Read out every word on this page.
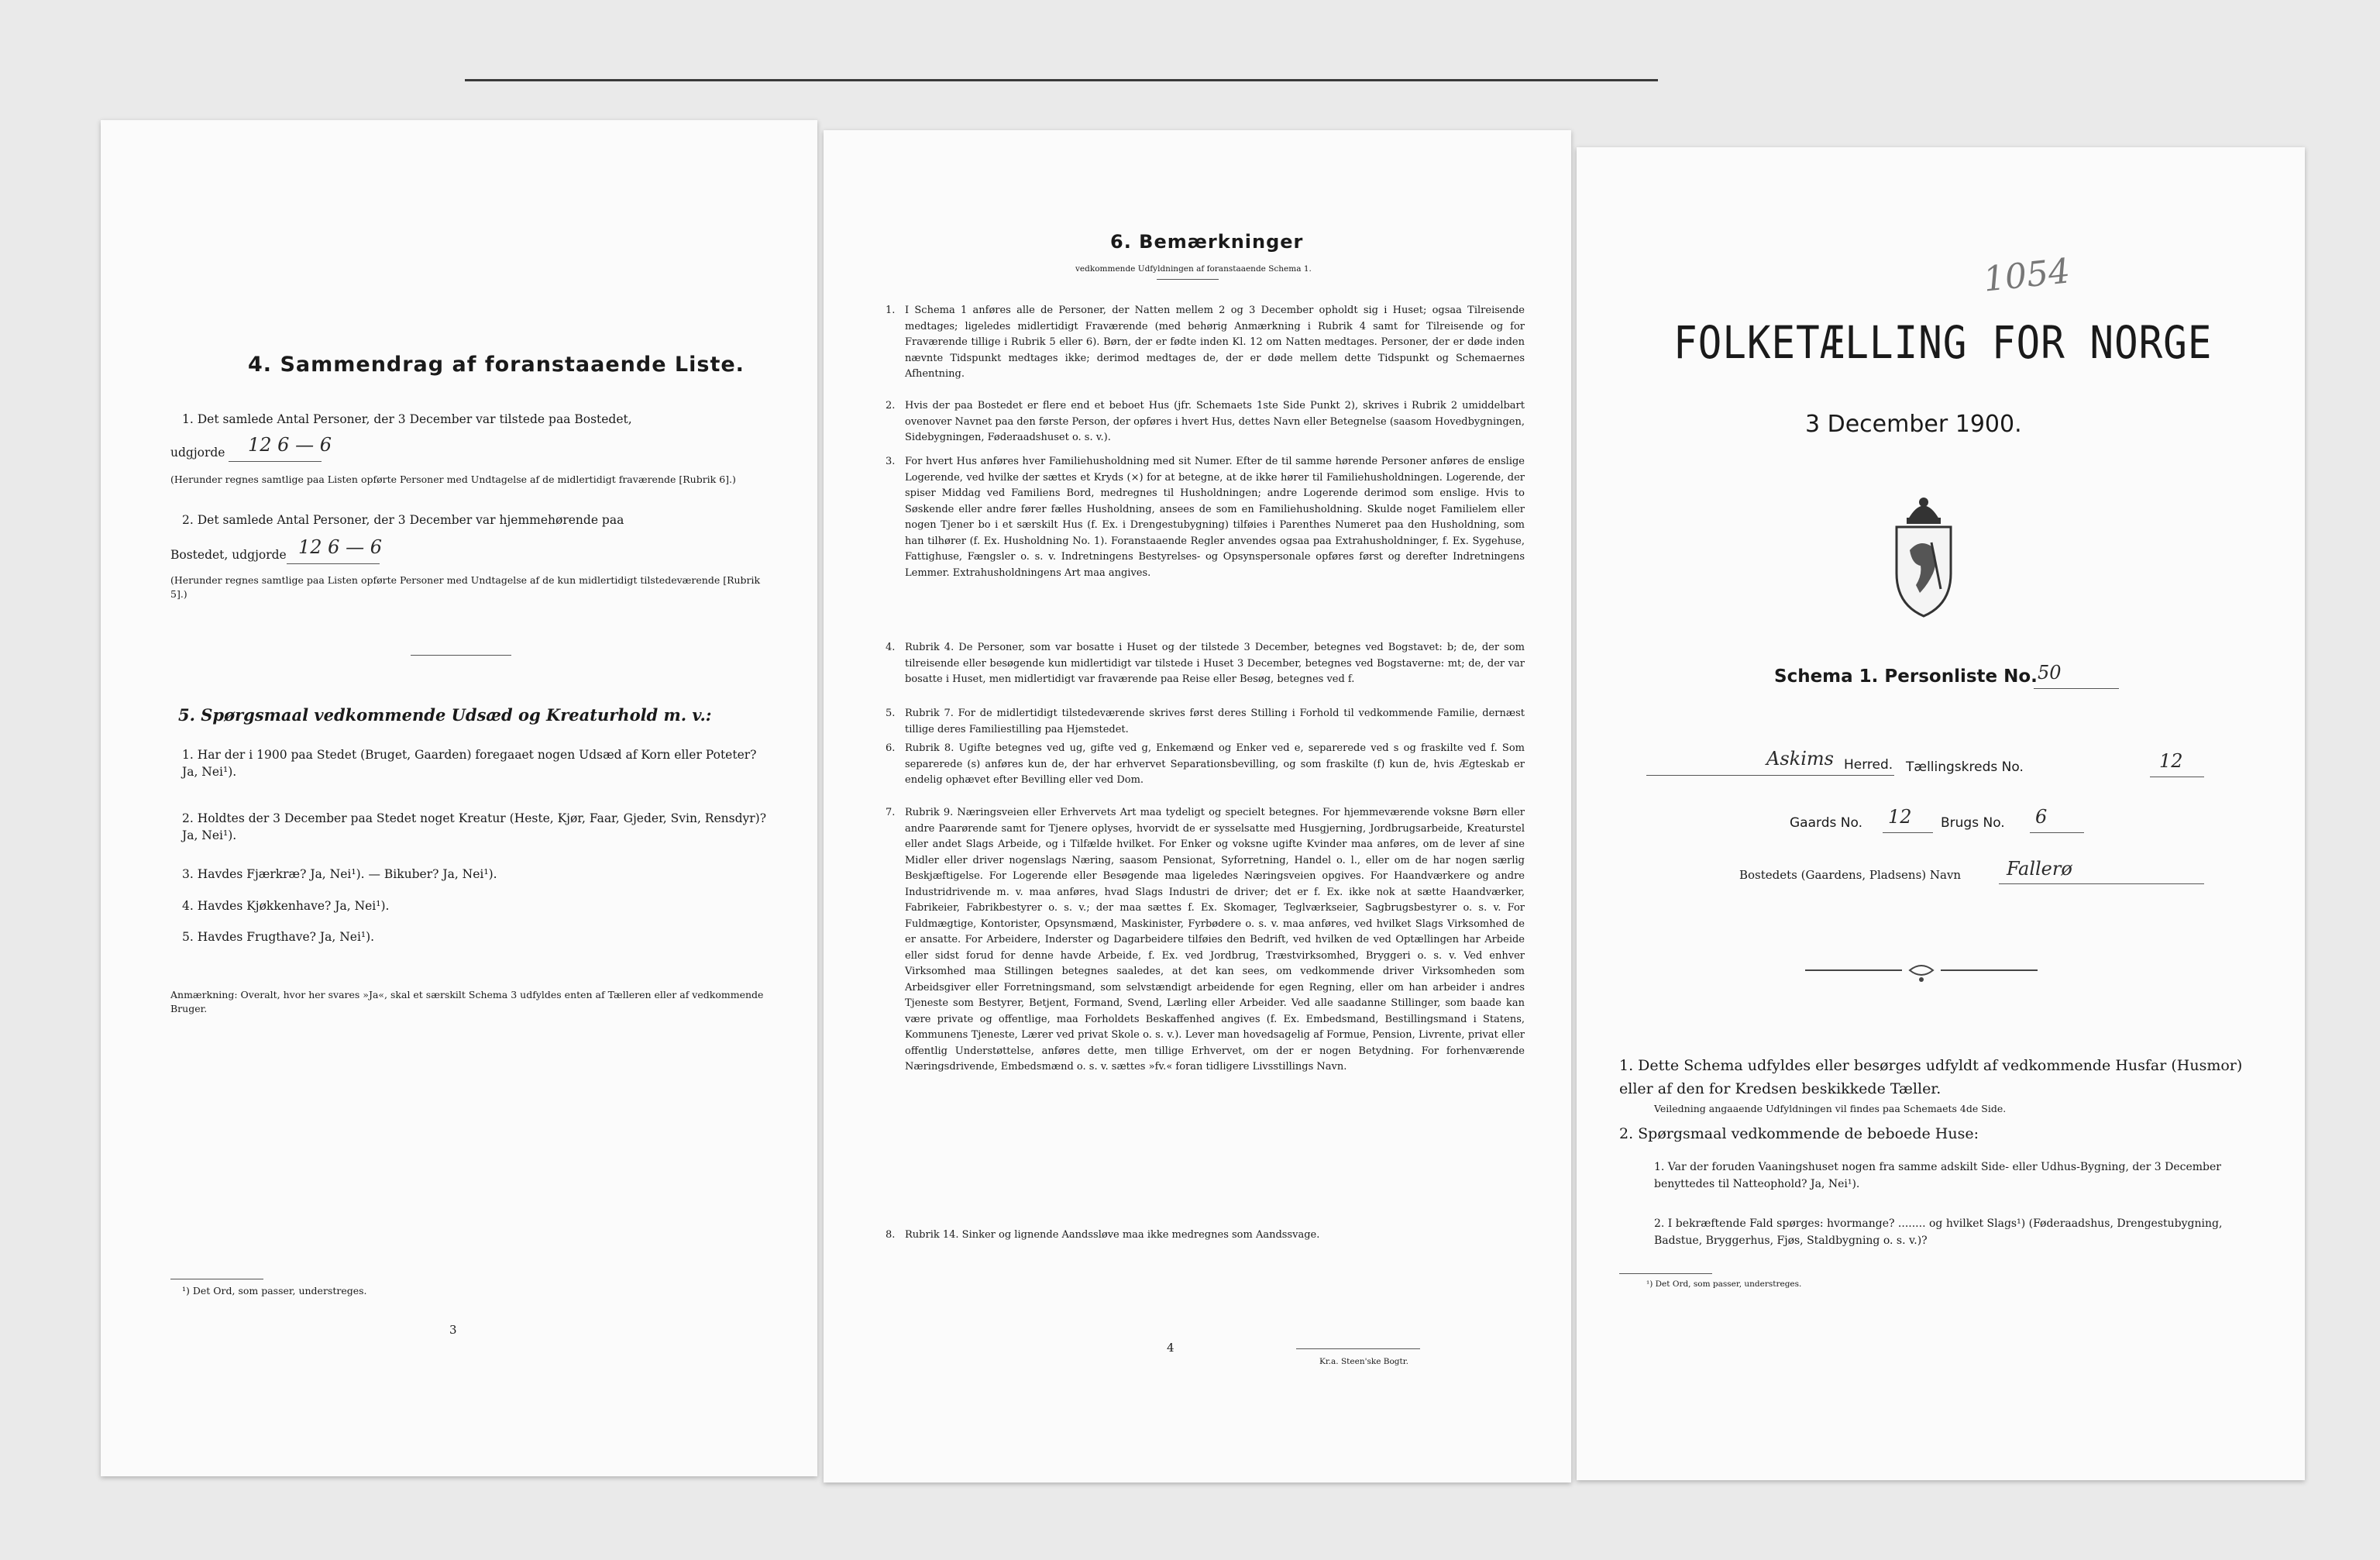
4. Sammendrag af foranstaaende Liste.
1. Det samlede Antal Personer, der 3 December var tilstede paa Bostedet,
udgjorde 12 6 — 6
(Herunder regnes samtlige paa Listen opførte Personer med Undtagelse af de midlertidigt fraværende [Rubrik 6].)
2. Det samlede Antal Personer, der 3 December var hjemmehørende paa
Bostedet, udgjorde 12 6 — 6
(Herunder regnes samtlige paa Listen opførte Personer med Undtagelse af de kun midlertidigt tilstedeværende [Rubrik 5].)
5. Spørgsmaal vedkommende Udsæd og Kreaturhold m. v.:
1. Har der i 1900 paa Stedet (Bruget, Gaarden) foregaaet nogen Udsæd af Korn eller Poteter? Ja, Nei¹).
2. Holdtes der 3 December paa Stedet noget Kreatur (Heste, Kjør, Faar, Gjeder, Svin, Rensdyr)? Ja, Nei¹).
3. Havdes Fjærkræ? Ja, Nei¹). — Bikuber? Ja, Nei¹).
4. Havdes Kjøkkenhave? Ja, Nei¹).
5. Havdes Frugthave? Ja, Nei¹).
Anmærkning: Overalt, hvor her svares »Ja«, skal et særskilt Schema 3 udfyldes enten af Tælleren eller af vedkommende Bruger.
¹) Det Ord, som passer, understreges.
3
6. Bemærkninger
vedkommende Udfyldningen af foranstaaende Schema 1.
1. I Schema 1 anføres alle de Personer, der Natten mellem 2 og 3 December opholdt sig i Huset; ogsaa Tilreisende medtages; ligeledes midlertidigt Fraværende (med behørig Anmærkning i Rubrik 4 samt for Tilreisende og for Fraværende tillige i Rubrik 5 eller 6). Børn, der er fødte inden Kl. 12 om Natten medtages. Personer, der er døde inden nævnte Tidspunkt medtages ikke; derimod medtages de, der er døde mellem dette Tidspunkt og Schemaernes Afhentning.
2. Hvis der paa Bostedet er flere end et beboet Hus (jfr. Schemaets 1ste Side Punkt 2), skrives i Rubrik 2 umiddelbart ovenover Navnet paa den første Person, der opføres i hvert Hus, dettes Navn eller Betegnelse (saasom Hovedbygningen, Sidebygningen, Føderaadshuset o. s. v.).
3. For hvert Hus anføres hver Familiehusholdning med sit Numer. Efter de til samme hørende Personer anføres de enslige Logerende, ved hvilke der sættes et Kryds (×) for at betegne, at de ikke hører til Familiehusholdningen. Logerende, der spiser Middag ved Familiens Bord, medregnes til Husholdningen; andre Logerende derimod som enslige. Hvis to Søskende eller andre fører fælles Husholdning, ansees de som en Familiehusholdning. Skulde noget Familielem eller nogen Tjener bo i et særskilt Hus (f. Ex. i Drengestubygning) tilføies i Parenthes Numeret paa den Husholdning, som han tilhører (f. Ex. Husholdning No. 1). Foranstaaende Regler anvendes ogsaa paa Extrahusholdninger, f. Ex. Sygehuse, Fattighuse, Fængsler o. s. v. Indretningens Bestyrelses- og Opsynspersonale opføres først og derefter Indretningens Lemmer. Extrahusholdningens Art maa angives.
4. Rubrik 4. De Personer, som var bosatte i Huset og der tilstede 3 December, betegnes ved Bogstavet: b; de, der som tilreisende eller besøgende kun midlertidigt var tilstede i Huset 3 December, betegnes ved Bogstaverne: mt; de, der var bosatte i Huset, men midlertidigt var fraværende paa Reise eller Besøg, betegnes ved f.
5. Rubrik 7. For de midlertidigt tilstedeværende skrives først deres Stilling i Forhold til vedkommende Familie, dernæst tillige deres Familiestilling paa Hjemstedet.
6. Rubrik 8. Ugifte betegnes ved ug, gifte ved g, Enkemænd og Enker ved e, separerede ved s og fraskilte ved f. Som separerede (s) anføres kun de, der har erhvervet Separationsbevilling, og som fraskilte (f) kun de, hvis Ægteskab er endelig ophævet efter Bevilling eller ved Dom.
7. Rubrik 9. Næringsveien eller Erhvervets Art maa tydeligt og specielt betegnes. For hjemmeværende voksne Børn eller andre Paarørende samt for Tjenere oplyses, hvorvidt de er sysselsatte med Husgjerning, Jordbrugsarbeide, Kreaturstel eller andet Slags Arbeide, og i Tilfælde hvilket. For Enker og voksne ugifte Kvinder maa anføres, om de lever af sine Midler eller driver nogenslags Næring, saasom Pensionat, Syforretning, Handel o. l., eller om de har nogen særlig Beskjæftigelse. For Logerende eller Besøgende maa ligeledes Næringsveien opgives. For Haandværkere og andre Industridrivende m. v. maa anføres, hvad Slags Industri de driver; det er f. Ex. ikke nok at sætte Haandværker, Fabrikeier, Fabrikbestyrer o. s. v.; der maa sættes f. Ex. Skomager, Teglværkseier, Sagbrugsbestyrer o. s. v. For Fuldmægtige, Kontorister, Opsynsmænd, Maskinister, Fyrbødere o. s. v. maa anføres, ved hvilket Slags Virksomhed de er ansatte. For Arbeidere, Inderster og Dagarbeidere tilføies den Bedrift, ved hvilken de ved Optællingen har Arbeide eller sidst forud for denne havde Arbeide, f. Ex. ved Jordbrug, Træstvirksomhed, Bryggeri o. s. v. Ved enhver Virksomhed maa Stillingen betegnes saaledes, at det kan sees, om vedkommende driver Virksomheden som Arbeidsgiver eller Forretningsmand, som selvstændigt arbeidende for egen Regning, eller om han arbeider i andres Tjeneste som Bestyrer, Betjent, Formand, Svend, Lærling eller Arbeider. Ved alle saadanne Stillinger, som baade kan være private og offentlige, maa Forholdets Beskaffenhed angives (f. Ex. Embedsmand, Bestillingsmand i Statens, Kommunens Tjeneste, Lærer ved privat Skole o. s. v.). Lever man hovedsagelig af Formue, Pension, Livrente, privat eller offentlig Understøttelse, anføres dette, men tillige Erhvervet, om der er nogen Betydning. For forhenværende Næringsdrivende, Embedsmænd o. s. v. sættes »fv.« foran tidligere Livsstillings Navn.
8. Rubrik 14. Sinker og lignende Aandssløve maa ikke medregnes som Aandssvage.
4
Kr.a. Steen'ske Bogtr.
1054
FOLKETÆLLING FOR NORGE
3 December 1900.
Schema 1. Personliste No. 50
Askims Herred. Tællingskreds No.	12
Gaards No. 12 Brugs No. 6
Bostedets (Gaardens, Pladsens) Navn Fallerø
1. Dette Schema udfyldes eller besørges udfyldt af vedkommende Husfar (Husmor) eller af den for Kredsen beskikkede Tæller.
Veiledning angaaende Udfyldningen vil findes paa Schemaets 4de Side.
2. Spørgsmaal vedkommende de beboede Huse:
1. Var der foruden Vaaningshuset nogen fra samme adskilt Side- eller Udhus-Bygning, der 3 December benyttedes til Natteophold? Ja, Nei¹).
2. I bekræftende Fald spørges: hvormange? ........ og hvilket Slags¹) (Føderaadshus, Drengestubygning, Badstue, Bryggerhus, Fjøs, Staldbygning o. s. v.)?
¹) Det Ord, som passer, understreges.
